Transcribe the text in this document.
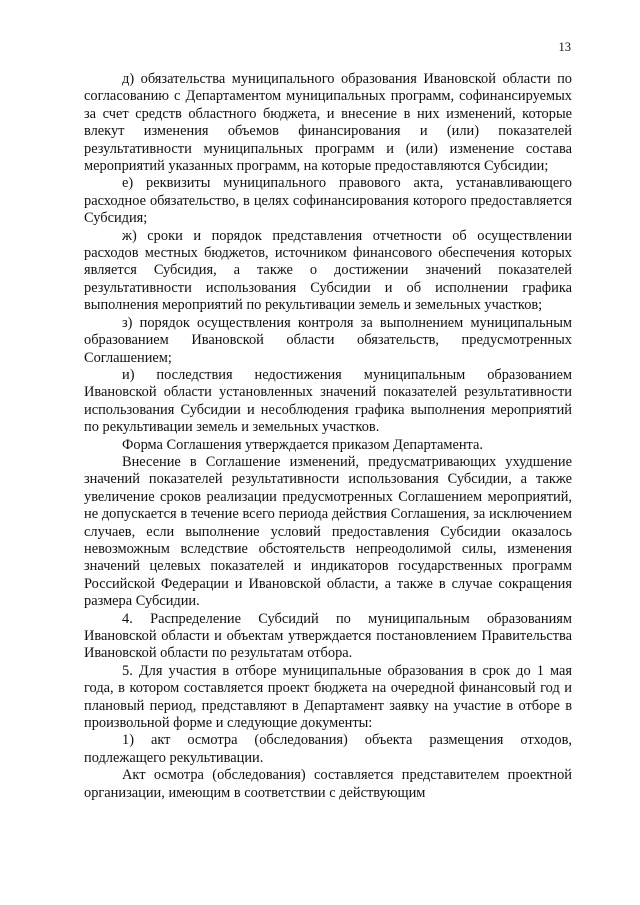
13

д) обязательства муниципального образования Ивановской области по согласованию с Департаментом муниципальных программ, софинансируемых за счет средств областного бюджета, и внесение в них изменений, которые влекут изменения объемов финансирования и (или) показателей результативности муниципальных программ и (или) изменение состава мероприятий указанных программ, на которые предоставляются Субсидии;

е) реквизиты муниципального правового акта, устанавливающего расходное обязательство, в целях софинансирования которого предоставляется Субсидия;

ж) сроки и порядок представления отчетности об осуществлении расходов местных бюджетов, источником финансового обеспечения которых является Субсидия, а также о достижении значений показателей результативности использования Субсидии и об исполнении графика выполнения мероприятий по рекультивации земель и земельных участков;

з) порядок осуществления контроля за выполнением муниципальным образованием Ивановской области обязательств, предусмотренных Соглашением;

и) последствия недостижения муниципальным образованием Ивановской области установленных значений показателей результативности использования Субсидии и несоблюдения графика выполнения мероприятий по рекультивации земель и земельных участков.

Форма Соглашения утверждается приказом Департамента.

Внесение в Соглашение изменений, предусматривающих ухудшение значений показателей результативности использования Субсидии, а также увеличение сроков реализации предусмотренных Соглашением мероприятий, не допускается в течение всего периода действия Соглашения, за исключением случаев, если выполнение условий предоставления Субсидии оказалось невозможным вследствие обстоятельств непреодолимой силы, изменения значений целевых показателей и индикаторов государственных программ Российской Федерации и Ивановской области, а также в случае сокращения размера Субсидии.

4. Распределение Субсидий по муниципальным образованиям Ивановской области и объектам утверждается постановлением Правительства Ивановской области по результатам отбора.

5. Для участия в отборе муниципальные образования в срок до 1 мая года, в котором составляется проект бюджета на очередной финансовый год и плановый период, представляют в Департамент заявку на участие в отборе в произвольной форме и следующие документы:

1) акт осмотра (обследования) объекта размещения отходов, подлежащего рекультивации.

Акт осмотра (обследования) составляется представителем проектной организации, имеющим в соответствии с действующим
